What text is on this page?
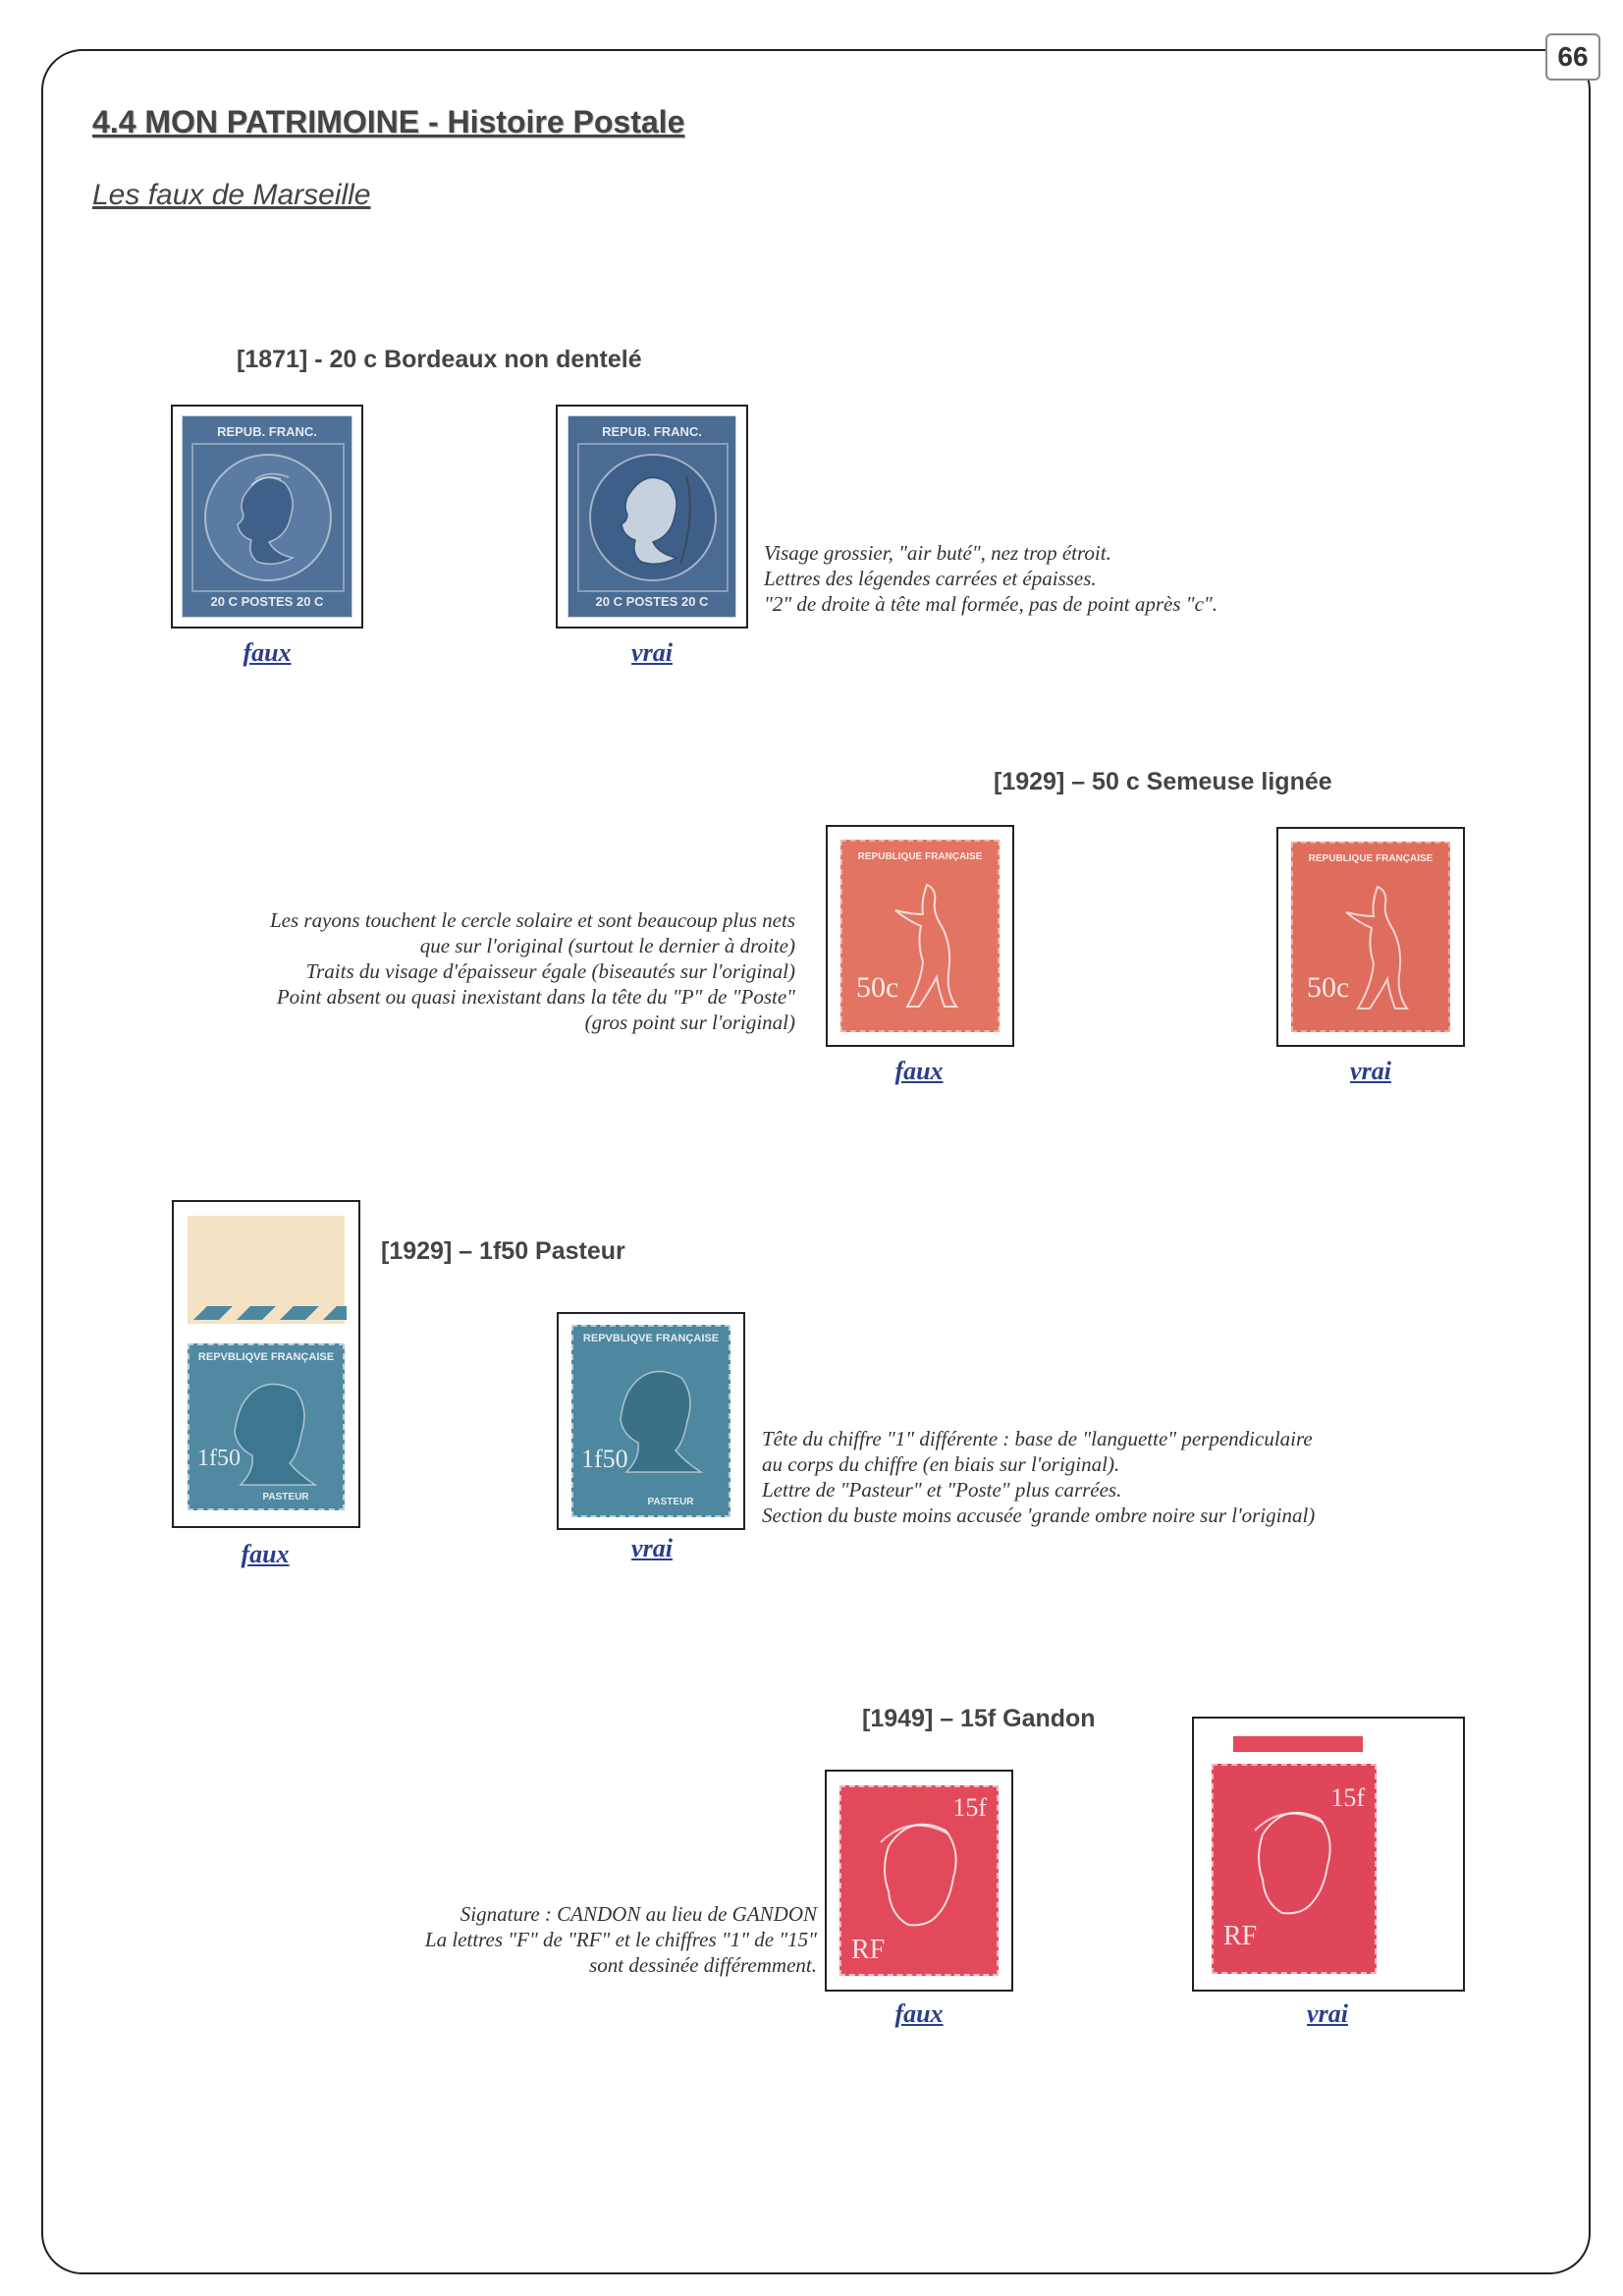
66
4.4 MON PATRIMOINE - Histoire Postale
Les faux de Marseille
[1871] - 20 c Bordeaux non dentelé
REPUB. FRANC.
20 C POSTES 20 C
faux
REPUB. FRANC.
20 C POSTES 20 C
vrai
Visage grossier, "air buté", nez trop étroit.
Lettres des légendes carrées et épaisses.
"2" de droite à tête mal formée, pas de point après "c".
[1929] – 50 c Semeuse lignée
Les rayons touchent le cercle solaire et sont beaucoup plus nets
que sur l'original (surtout le dernier à droite)
Traits du visage d'épaisseur égale (biseautés sur l'original)
Point absent ou quasi inexistant dans la tête du "P" de "Poste"
(gros point sur l'original)
REPUBLIQUE FRANÇAISE
50c
faux
REPUBLIQUE FRANÇAISE
50c
vrai
[1929] – 1f50 Pasteur
REPVBLIQVE FRANÇAISE
1f50
PASTEUR
faux
REPVBLIQVE FRANÇAISE
1f50
PASTEUR
vrai
Tête du chiffre "1" différente : base de "languette" perpendiculaire
au corps du chiffre (en biais sur l'original).
Lettre de "Pasteur" et "Poste" plus carrées.
Section du buste moins accusée 'grande ombre noire sur l'original)
[1949] – 15f Gandon
15f
RF
faux
15f
RF
vrai
Signature : CANDON au lieu de GANDON
La lettres "F" de "RF" et le chiffres "1" de "15"
sont dessinée différemment.
